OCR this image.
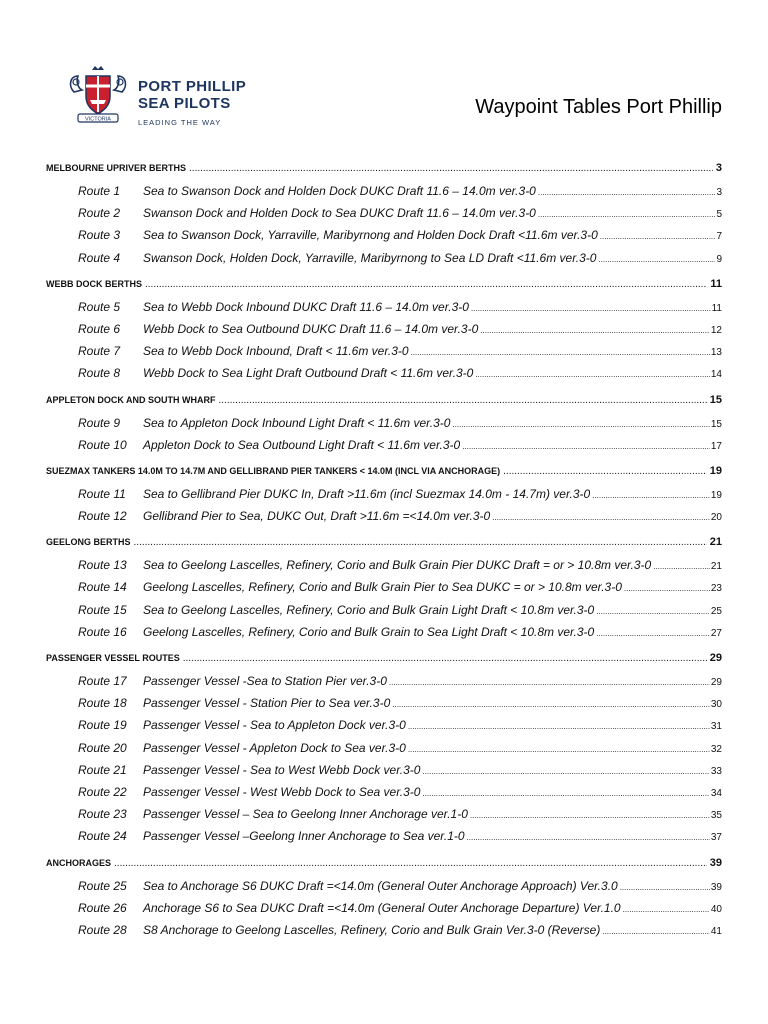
VICTORIA
PORT PHILLIP
SEA PILOTS
LEADING THE WAY
Waypoint Tables Port Phillip
MELBOURNE UPRIVER BERTHS .....	3
Route 1	Sea to Swanson Dock and Holden Dock DUKC Draft 11.6 – 14.0m ver.3-0 .....	3
Route 2	Swanson Dock and Holden Dock to Sea DUKC Draft 11.6 – 14.0m ver.3-0 .....	5
Route 3	Sea to Swanson Dock, Yarraville, Maribyrnong and Holden Dock Draft <11.6m ver.3-0 .....	7
Route 4	Swanson Dock, Holden Dock, Yarraville, Maribyrnong to Sea LD Draft <11.6m ver.3-0 .....	9
WEBB DOCK BERTHS .....	11
Route 5	Sea to Webb Dock Inbound DUKC Draft 11.6 – 14.0m ver.3-0 .....	11
Route 6	Webb Dock to Sea Outbound DUKC Draft 11.6 – 14.0m ver.3-0 .....	12
Route 7	Sea to Webb Dock Inbound, Draft < 11.6m ver.3-0 .....	13
Route 8	Webb Dock to Sea Light Draft Outbound Draft < 11.6m ver.3-0 .....	14
APPLETON DOCK AND SOUTH WHARF .....	15
Route 9	Sea to Appleton Dock Inbound Light Draft < 11.6m ver.3-0 .....	15
Route 10	Appleton Dock to Sea Outbound Light Draft < 11.6m ver.3-0 .....	17
SUEZMAX TANKERS 14.0M TO 14.7M AND GELLIBRAND PIER TANKERS < 14.0M (INCL VIA ANCHORAGE) .....	19
Route 11	Sea to Gellibrand Pier DUKC In, Draft >11.6m (incl Suezmax 14.0m - 14.7m) ver.3-0 .....	19
Route 12	Gellibrand Pier to Sea, DUKC Out, Draft >11.6m =<14.0m ver.3-0 .....	20
GEELONG BERTHS .....	21
Route 13	Sea to Geelong Lascelles, Refinery, Corio and Bulk Grain Pier DUKC Draft = or > 10.8m ver.3-0 .....	21
Route 14	Geelong Lascelles, Refinery, Corio and Bulk Grain Pier to Sea DUKC = or > 10.8m ver.3-0 .....	23
Route 15	Sea to Geelong Lascelles, Refinery, Corio and Bulk Grain Light Draft < 10.8m ver.3-0 .....	25
Route 16	Geelong Lascelles, Refinery, Corio and Bulk Grain to Sea Light Draft < 10.8m ver.3-0 .....	27
PASSENGER VESSEL ROUTES .....	29
Route 17	Passenger Vessel -Sea to Station Pier ver.3-0 .....	29
Route 18	Passenger Vessel - Station Pier to Sea ver.3-0 .....	30
Route 19	Passenger Vessel - Sea to Appleton Dock ver.3-0 .....	31
Route 20	Passenger Vessel - Appleton Dock to Sea ver.3-0 .....	32
Route 21	Passenger Vessel - Sea to West Webb Dock ver.3-0 .....	33
Route 22	Passenger Vessel - West Webb Dock to Sea ver.3-0 .....	34
Route 23	Passenger Vessel – Sea to Geelong Inner Anchorage ver.1-0 .....	35
Route 24	Passenger Vessel –Geelong Inner Anchorage to Sea ver.1-0 .....	37
ANCHORAGES .....	39
Route 25	Sea to Anchorage S6 DUKC Draft =<14.0m (General Outer Anchorage Approach) Ver.3.0 .....	39
Route 26	Anchorage S6 to Sea DUKC Draft =<14.0m (General Outer Anchorage Departure) Ver.1.0 .....	40
Route 28	S8 Anchorage to Geelong Lascelles, Refinery, Corio and Bulk Grain Ver.3-0 (Reverse) .....	41
